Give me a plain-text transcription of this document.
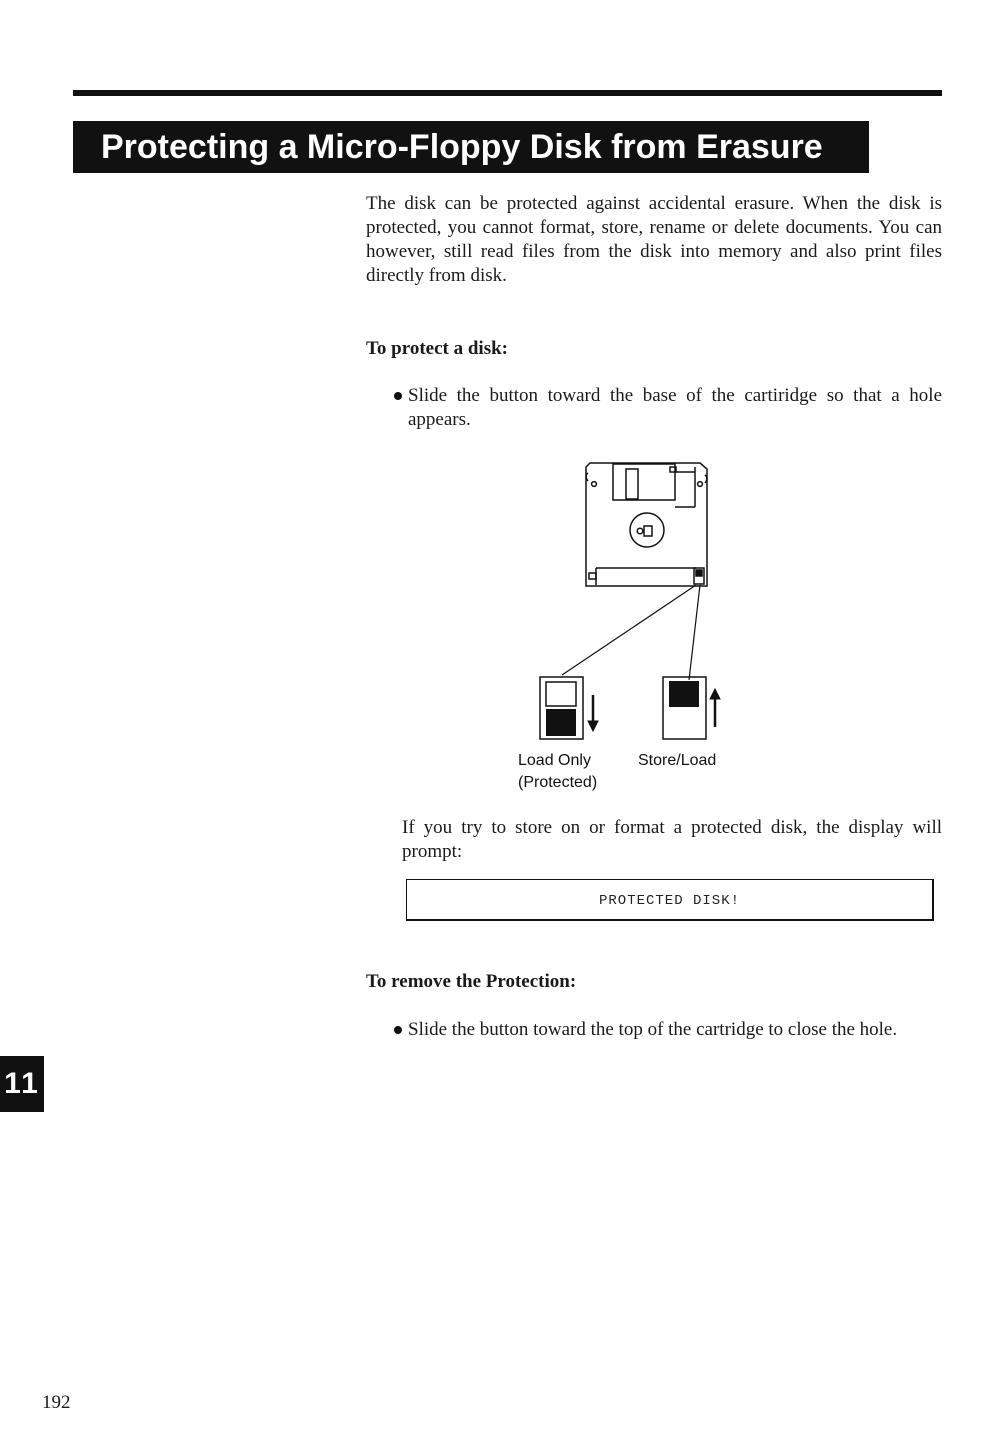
Protecting a Micro-Floppy Disk from Erasure

The disk can be protected against accidental erasure. When the disk is protected, you cannot format, store, rename or delete documents. You can however, still read files from the disk into memory and also print files directly from disk.

To protect a disk:
Slide the button toward the base of the cartiridge so that a hole appears.
Load Only
(Protected)
Store/Load

If you try to store on or format a protected disk, the display will prompt:

PROTECTED DISK!
To remove the Protection:
Slide the button toward the top of the cartridge to close the hole.
11
192
